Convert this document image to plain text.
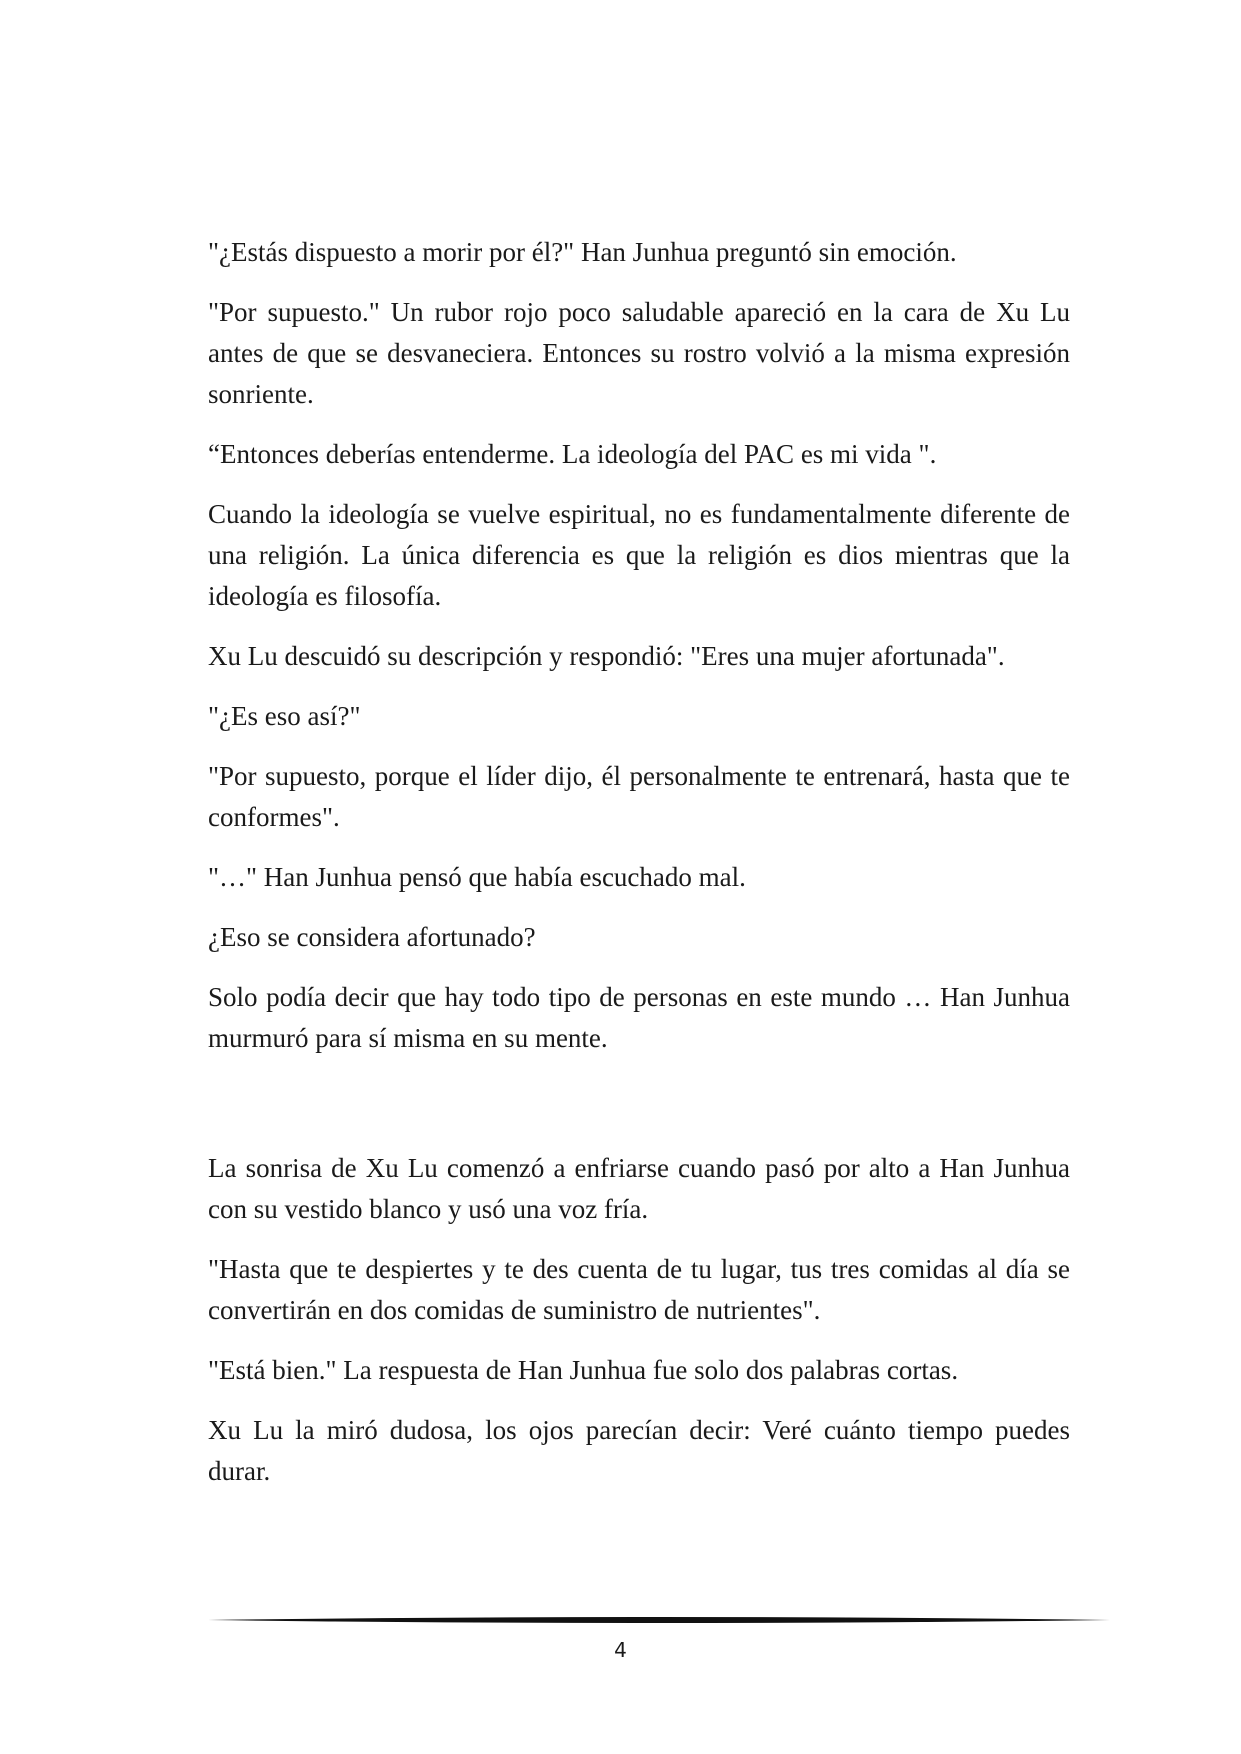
"¿Estás dispuesto a morir por él?" Han Junhua preguntó sin emoción.

"Por supuesto." Un rubor rojo poco saludable apareció en la cara de Xu Lu antes de que se desvaneciera. Entonces su rostro volvió a la misma expresión sonriente.

“Entonces deberías entenderme. La ideología del PAC es mi vida ".

Cuando la ideología se vuelve espiritual, no es fundamentalmente diferente de una religión. La única diferencia es que la religión es dios mientras que la ideología es filosofía.

Xu Lu descuidó su descripción y respondió: "Eres una mujer afortunada".

"¿Es eso así?"

"Por supuesto, porque el líder dijo, él personalmente te entrenará, hasta que te conformes".

"…" Han Junhua pensó que había escuchado mal.

¿Eso se considera afortunado?

Solo podía decir que hay todo tipo de personas en este mundo … Han Junhua murmuró para sí misma en su mente.

La sonrisa de Xu Lu comenzó a enfriarse cuando pasó por alto a Han Junhua con su vestido blanco y usó una voz fría.

"Hasta que te despiertes y te des cuenta de tu lugar, tus tres comidas al día se convertirán en dos comidas de suministro de nutrientes".

"Está bien." La respuesta de Han Junhua fue solo dos palabras cortas.

Xu Lu la miró dudosa, los ojos parecían decir: Veré cuánto tiempo puedes durar.

4
